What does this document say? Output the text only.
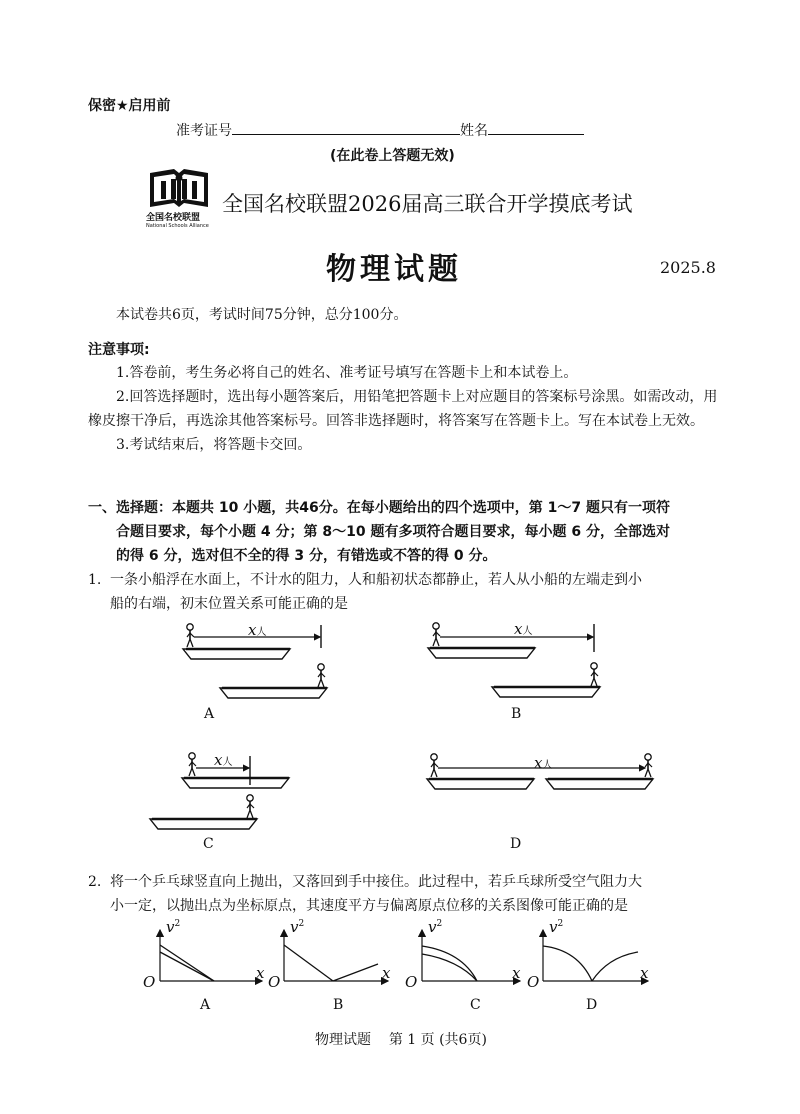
保密★启用前
准考证号	姓名
(在此卷上答题无效)
全国名校联盟
National Schools Alliance
全国名校联盟2026届高三联合开学摸底考试
物理试题	2025.8
本试卷共6页，考试时间75分钟，总分100分。
注意事项:

1.答卷前，考生务必将自己的姓名、准考证号填写在答题卡上和本试卷上。

2.回答选择题时，选出每小题答案后，用铅笔把答题卡上对应题目的答案标号涂黑。如需改动，用橡皮擦干净后，再选涂其他答案标号。回答非选择题时，将答案写在答题卡上。写在本试卷上无效。

3.考试结束后，将答题卡交回。

一、选择题：本题共 10 小题，共46分。在每小题给出的四个选项中，第 1～7 题只有一项符
合题目要求，每个小题 4 分；第 8～10 题有多项符合题目要求，每小题 6 分，全部选对
的得 6 分，选对但不全的得 3 分，有错选或不答的得 0 分。
1. 一条小船浮在水面上，不计水的阻力，人和船初状态都静止，若人从小船的左端走到小
船的右端，初末位置关系可能正确的是
x人	x人
x人	x人
A	B
C	D
2. 将一个乒乓球竖直向上抛出，又落回到手中接住。此过程中，若乒乓球所受空气阻力大
小一定，以抛出点为坐标原点，其速度平方与偏离原点位移的关系图像可能正确的是
$v^2$	$v^2$	$v^2$	$v^2$
x	x	x	x
O	O	O	O
A	B	C	D
物理试题 第 1 页 (共6页)
